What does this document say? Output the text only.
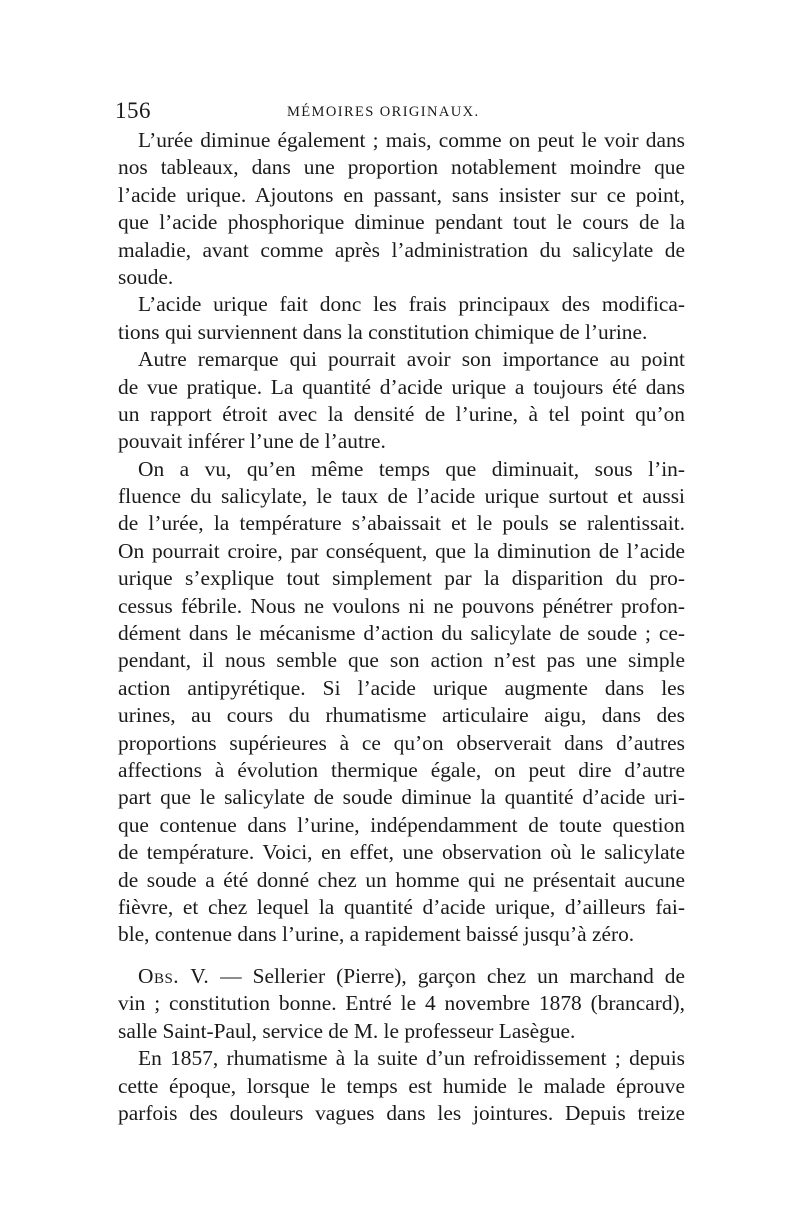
156	MÉMOIRES ORIGINAUX.
L’urée diminue également ; mais, comme on peut le voir dans
nos tableaux, dans une proportion notablement moindre que
l’acide urique. Ajoutons en passant, sans insister sur ce point,
que l’acide phosphorique diminue pendant tout le cours de la
maladie, avant comme après l’administration du salicylate de
soude.
L’acide urique fait donc les frais principaux des modifica-
tions qui surviennent dans la constitution chimique de l’urine.
Autre remarque qui pourrait avoir son importance au point
de vue pratique. La quantité d’acide urique a toujours été dans
un rapport étroit avec la densité de l’urine, à tel point qu’on
pouvait inférer l’une de l’autre.
On a vu, qu’en même temps que diminuait, sous l’in-
fluence du salicylate, le taux de l’acide urique surtout et aussi
de l’urée, la température s’abaissait et le pouls se ralentissait.
On pourrait croire, par conséquent, que la diminution de l’acide
urique s’explique tout simplement par la disparition du pro-
cessus fébrile. Nous ne voulons ni ne pouvons pénétrer profon-
dément dans le mécanisme d’action du salicylate de soude ; ce-
pendant, il nous semble que son action n’est pas une simple
action antipyrétique. Si l’acide urique augmente dans les
urines, au cours du rhumatisme articulaire aigu, dans des
proportions supérieures à ce qu’on observerait dans d’autres
affections à évolution thermique égale, on peut dire d’autre
part que le salicylate de soude diminue la quantité d’acide uri-
que contenue dans l’urine, indépendamment de toute question
de température. Voici, en effet, une observation où le salicylate
de soude a été donné chez un homme qui ne présentait aucune
fièvre, et chez lequel la quantité d’acide urique, d’ailleurs fai-
ble, contenue dans l’urine, a rapidement baissé jusqu’à zéro.
Obs. V. — Sellerier (Pierre), garçon chez un marchand de
vin ; constitution bonne. Entré le 4 novembre 1878 (brancard),
salle Saint-Paul, service de M. le professeur Lasègue.
En 1857, rhumatisme à la suite d’un refroidissement ; depuis
cette époque, lorsque le temps est humide le malade éprouve
parfois des douleurs vagues dans les jointures. Depuis treize
